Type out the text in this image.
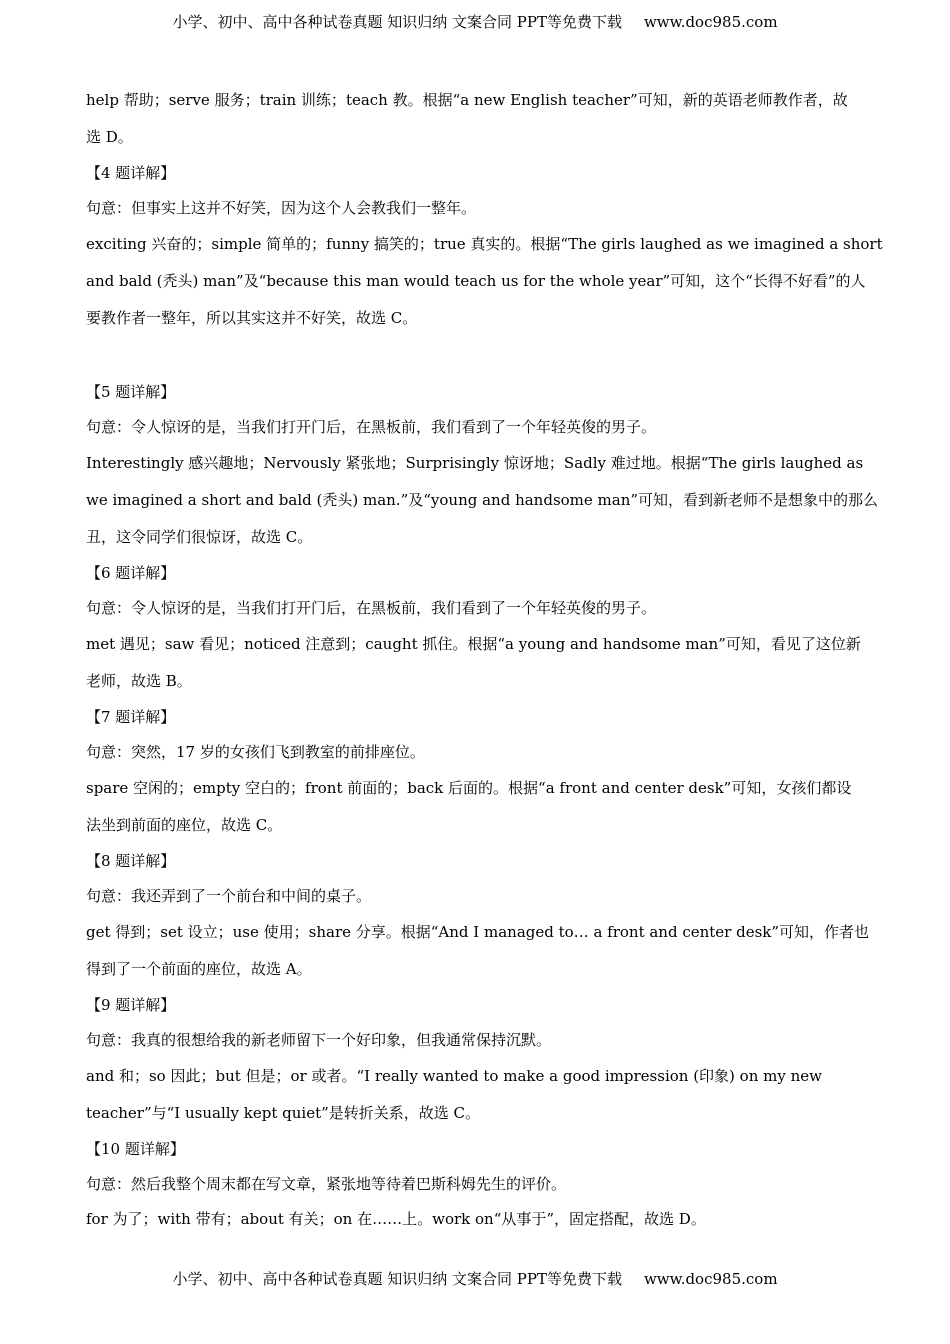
小学、初中、高中各种试卷真题 知识归纳 文案合同 PPT等免费下载 www.doc985.com

help 帮助；serve 服务；train 训练；teach 教。根据“a new English teacher”可知，新的英语老师教作者，故

选 D。

【4 题详解】

句意：但事实上这并不好笑，因为这个人会教我们一整年。

exciting 兴奋的；simple 简单的；funny 搞笑的；true 真实的。根据“The girls laughed as we imagined a short

and bald (秃头) man”及“because this man would teach us for the whole year”可知，这个“长得不好看”的人

要教作者一整年，所以其实这并不好笑，故选 C。

【5 题详解】

句意：令人惊讶的是，当我们打开门后，在黑板前，我们看到了一个年轻英俊的男子。

Interestingly 感兴趣地；Nervously 紧张地；Surprisingly 惊讶地；Sadly 难过地。根据“The girls laughed as

we imagined a short and bald (秃头) man.”及“young and handsome man”可知，看到新老师不是想象中的那么

丑，这令同学们很惊讶，故选 C。

【6 题详解】

句意：令人惊讶的是，当我们打开门后，在黑板前，我们看到了一个年轻英俊的男子。

met 遇见；saw 看见；noticed 注意到；caught 抓住。根据“a young and handsome man”可知，看见了这位新

老师，故选 B。

【7 题详解】

句意：突然，17 岁的女孩们飞到教室的前排座位。

spare 空闲的；empty 空白的；front 前面的；back 后面的。根据“a front and center desk”可知，女孩们都设

法坐到前面的座位，故选 C。

【8 题详解】

句意：我还弄到了一个前台和中间的桌子。

get 得到；set 设立；use 使用；share 分享。根据“And I managed to… a front and center desk”可知，作者也

得到了一个前面的座位，故选 A。

【9 题详解】

句意：我真的很想给我的新老师留下一个好印象，但我通常保持沉默。

and 和；so 因此；but 但是；or 或者。“I really wanted to make a good impression (印象) on my new

teacher”与“I usually kept quiet”是转折关系，故选 C。

【10 题详解】

句意：然后我整个周末都在写文章，紧张地等待着巴斯科姆先生的评价。

for 为了；with 带有；about 有关；on 在……上。work on“从事于”，固定搭配，故选 D。

小学、初中、高中各种试卷真题 知识归纳 文案合同 PPT等免费下载 www.doc985.com
